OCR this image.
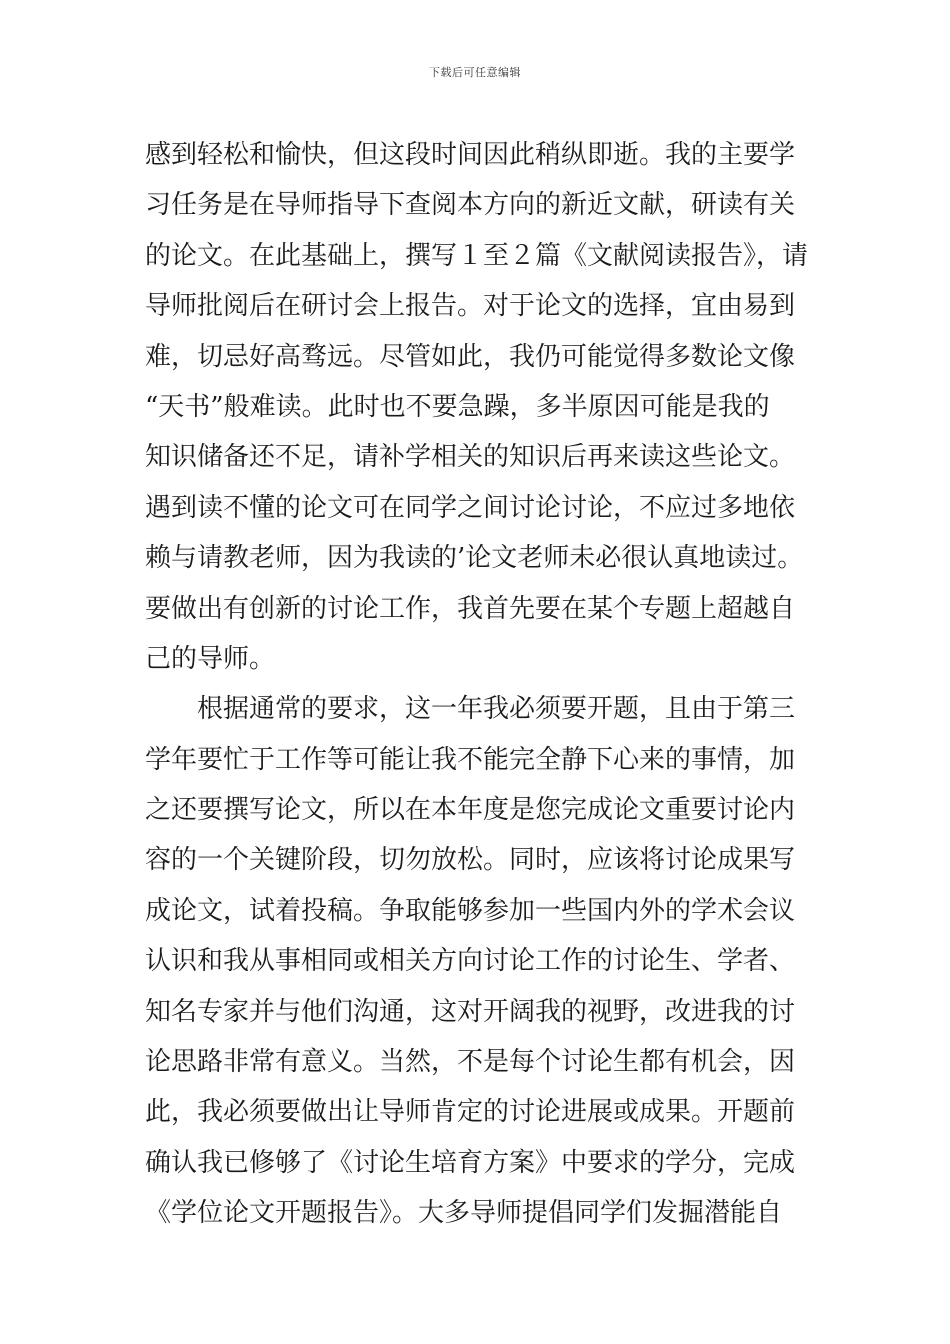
下载后可任意编辑
感到轻松和愉快，但这段时间因此稍纵即逝。我的主要学
习任务是在导师指导下查阅本方向的新近文献，研读有关
的论文。在此基础上，撰写１至２篇《文献阅读报告》，请
导师批阅后在研讨会上报告。对于论文的选择，宜由易到
难，切忌好高骛远。尽管如此，我仍可能觉得多数论文像
“天书”般难读。此时也不要急躁，多半原因可能是我的
知识储备还不足，请补学相关的知识后再来读这些论文。
遇到读不懂的论文可在同学之间讨论讨论，不应过多地依
赖与请教老师，因为我读的’论文老师未必很认真地读过。
要做出有创新的讨论工作，我首先要在某个专题上超越自
己的导师。
　　根据通常的要求，这一年我必须要开题，且由于第三
学年要忙于工作等可能让我不能完全静下心来的事情，加
之还要撰写论文，所以在本年度是您完成论文重要讨论内
容的一个关键阶段，切勿放松。同时，应该将讨论成果写
成论文，试着投稿。争取能够参加一些国内外的学术会议
认识和我从事相同或相关方向讨论工作的讨论生、学者、
知名专家并与他们沟通，这对开阔我的视野，改进我的讨
论思路非常有意义。当然，不是每个讨论生都有机会，因
此，我必须要做出让导师肯定的讨论进展或成果。开题前
确认我已修够了《讨论生培育方案》中要求的学分，完成
《学位论文开题报告》。大多导师提倡同学们发掘潜能自
